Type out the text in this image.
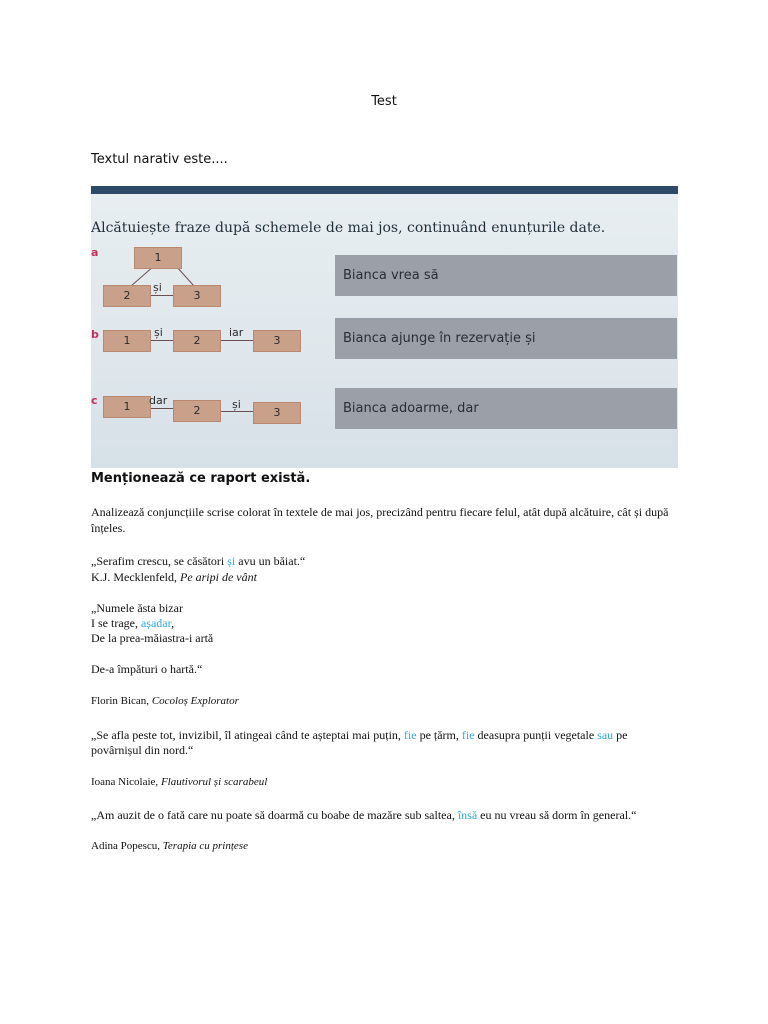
Test
Textul narativ este....
Alcătuiește fraze după schemele de mai jos, continuând enunțurile date.
a
b
c
1
2	3
și
1	2	3
și	iar
1	2	3
dar	și
Bianca vrea să
Bianca ajunge în rezervație și
Bianca adoarme, dar
Menționează ce raport există.
Analizează conjuncțiile scrise colorat în textele de mai jos, precizând pentru fiecare felul, atât după alcătuire, cât și după înțeles.
„Serafim crescu, se căsători și avu un băiat.“
K.J. Mecklenfeld, Pe aripi de vânt
„Numele ăsta bizar
I se trage, așadar,
De la prea-măiastra-i artă
De-a împături o hartă.“
Florin Bican, Cocoloș Explorator
„Se afla peste tot, invizibil, îl atingeai când te așteptai mai puțin, fie pe țărm, fie deasupra punții vegetale sau pe
povârnișul din nord.“
Ioana Nicolaie, Flautivorul și scarabeul
„Am auzit de o fată care nu poate să doarmă cu boabe de mazăre sub saltea, însă eu nu vreau să dorm în general.“
Adina Popescu, Terapia cu prințese
